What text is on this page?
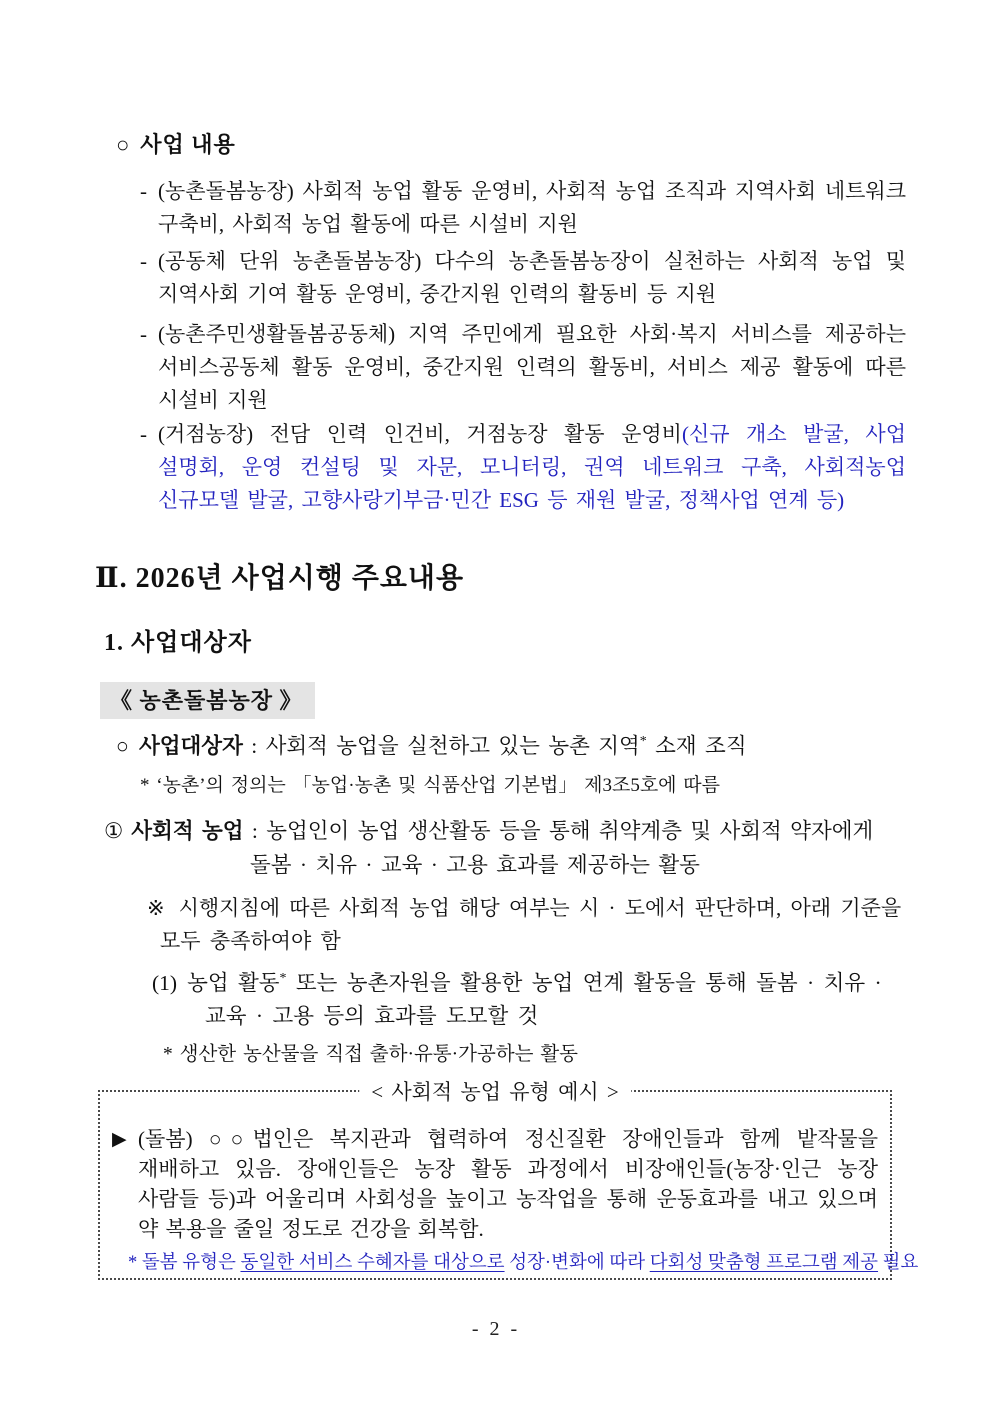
○ 사업 내용
- (농촌돌봄농장) 사회적 농업 활동 운영비, 사회적 농업 조직과 지역사회 네트워크 구축비, 사회적 농업 활동에 따른 시설비 지원
- (공동체 단위 농촌돌봄농장) 다수의 농촌돌봄농장이 실천하는 사회적 농업 및 지역사회 기여 활동 운영비, 중간지원 인력의 활동비 등 지원
- (농촌주민생활돌봄공동체) 지역 주민에게 필요한 사회·복지 서비스를 제공하는 서비스공동체 활동 운영비, 중간지원 인력의 활동비, 서비스 제공 활동에 따른 시설비 지원
- (거점농장) 전담 인력 인건비, 거점농장 활동 운영비(신규 개소 발굴, 사업 설명회, 운영 컨설팅 및 자문, 모니터링, 권역 네트워크 구축, 사회적농업 신규모델 발굴, 고향사랑기부금·민간 ESG 등 재원 발굴, 정책사업 연계 등)
Ⅱ. 2026년 사업시행 주요내용
1. 사업대상자
《 농촌돌봄농장 》
○ 사업대상자 : 사회적 농업을 실천하고 있는 농촌 지역* 소재 조직
* ‘농촌’의 정의는 「농업·농촌 및 식품산업 기본법」 제3조5호에 따름
① 사회적 농업 : 농업인이 농업 생산활동 등을 통해 취약계층 및 사회적 약자에게
돌봄 · 치유 · 교육 · 고용 효과를 제공하는 활동
※ 시행지침에 따른 사회적 농업 해당 여부는 시 · 도에서 판단하며, 아래 기준을
모두 충족하여야 함
(1) 농업 활동* 또는 농촌자원을 활용한 농업 연계 활동을 통해 돌봄 · 치유 ·
교육 · 고용 등의 효과를 도모할 것
* 생산한 농산물을 직접 출하·유통·가공하는 활동
< 사회적 농업 유형 예시 >
▶ (돌봄) ○○법인은 복지관과 협력하여 정신질환 장애인들과 함께 밭작물을 재배하고 있음. 장애인들은 농장 활동 과정에서 비장애인들(농장·인근 농장 사람들 등)과 어울리며 사회성을 높이고 농작업을 통해 운동효과를 내고 있으며 약 복용을 줄일 정도로 건강을 회복함.
* 돌봄 유형은 동일한 서비스 수혜자를 대상으로 성장·변화에 따라 다회성 맞춤형 프로그램 제공 필요
- 2 -
